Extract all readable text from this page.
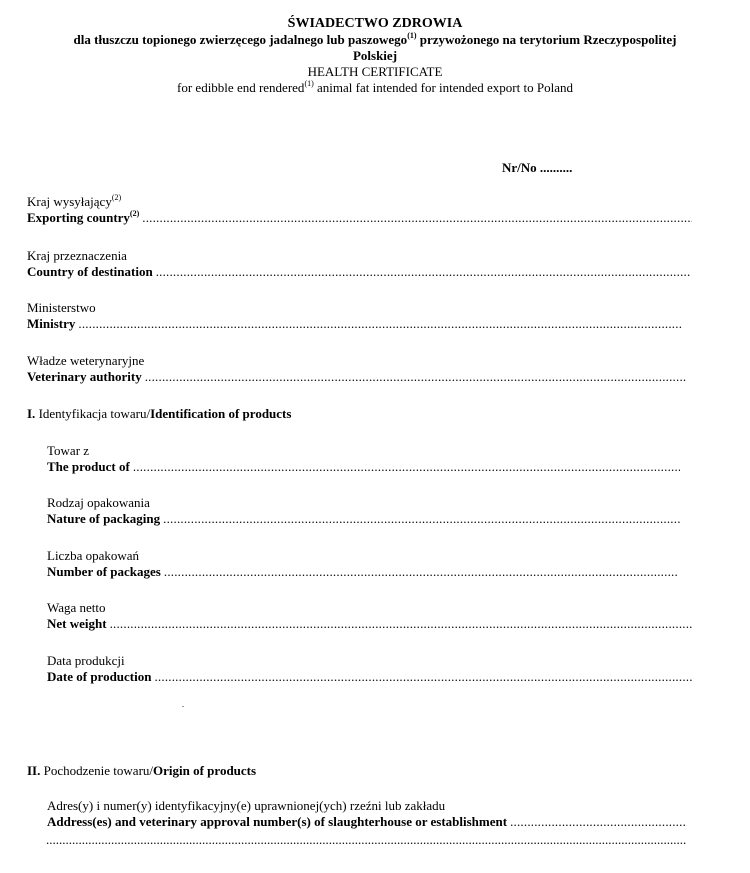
ŚWIADECTWO ZDROWIA
dla tłuszczu topionego zwierzęcego jadalnego lub paszowego$^{(1)}$ przywożonego na terytorium Rzeczypospolitej
Polskiej
HEALTH CERTIFICATE
for edibble end rendered$^{(1)}$ animal fat intended for intended export to Poland
Nr/No ..........
Kraj wysyłający$^{(2)}$
Exporting country$^{(2)}$
.....
Kraj przeznaczenia
Country of destination
.....
Ministerstwo
Ministry
.....
Władze weterynaryjne
Veterinary authority
.....
I. Identyfikacja towaru/Identification of products
Towar z
The product of
.....
Rodzaj opakowania
Nature of packaging
.....
Liczba opakowań
Number of packages
.....
Waga netto
Net weight
.....
Data produkcji
Date of production
.....
II. Pochodzenie towaru/Origin of products
Adres(y) i numer(y) identyfikacyjny(e) uprawnionej(ych) rzeźni lub zakładu
Address(es) and veterinary approval number(s) of slaughterhouse or establishment
.....
.....
